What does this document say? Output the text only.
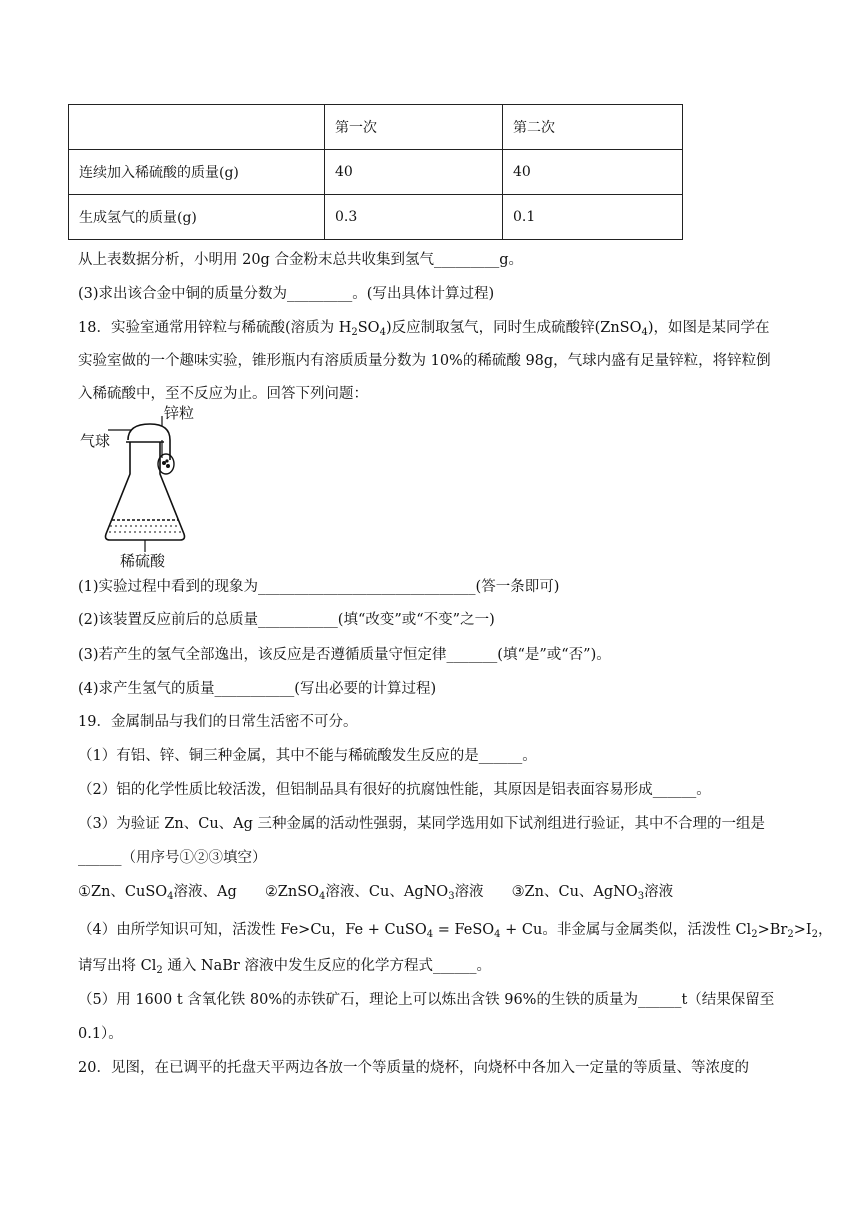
	第一次	第二次
连续加入稀硫酸的质量(g)	40	40
生成氢气的质量(g)	0.3	0.1
从上表数据分析，小明用 20g 合金粉末总共收集到氢气_________g。
(3)求出该合金中铜的质量分数为_________。(写出具体计算过程)
18．实验室通常用锌粒与稀硫酸(溶质为 $H_2SO_4$)反应制取氢气，同时生成硫酸锌(ZnSO$_4$)，如图是某同学在
实验室做的一个趣味实验，锥形瓶内有溶质质量分数为 10%的稀硫酸 98g，气球内盛有足量锌粒，将锌粒倒
入稀硫酸中，至不反应为止。回答下列问题：
气球
锌粒
稀硫酸
(1)实验过程中看到的现象为______________________________(答一条即可)
(2)该装置反应前后的总质量___________(填“改变”或“不变”之一)
(3)若产生的氢气全部逸出，该反应是否遵循质量守恒定律_______(填“是”或“否”)。
(4)求产生氢气的质量___________(写出必要的计算过程)
19．金属制品与我们的日常生活密不可分。
（1）有铝、锌、铜三种金属，其中不能与稀硫酸发生反应的是______。
（2）铝的化学性质比较活泼，但铝制品具有很好的抗腐蚀性能，其原因是铝表面容易形成______。
（3）为验证 Zn、Cu、Ag 三种金属的活动性强弱，某同学选用如下试剂组进行验证，其中不合理的一组是
______（用序号①②③填空）
①Zn、CuSO$_4$溶液、Ag ②ZnSO$_4$溶液、Cu、AgNO$_3$溶液 ③Zn、Cu、AgNO$_3$溶液
（4）由所学知识可知，活泼性 Fe>Cu，Fe + CuSO$_4$ = FeSO$_4$ + Cu。非金属与金属类似，活泼性 $Cl_2>Br_2>I_2$，
请写出将 $Cl_2$ 通入 NaBr 溶液中发生反应的化学方程式______。
（5）用 1600 t 含氧化铁 80%的赤铁矿石，理论上可以炼出含铁 96%的生铁的质量为______t（结果保留至
0.1）。
20．见图，在已调平的托盘天平两边各放一个等质量的烧杯，向烧杯中各加入一定量的等质量、等浓度的
